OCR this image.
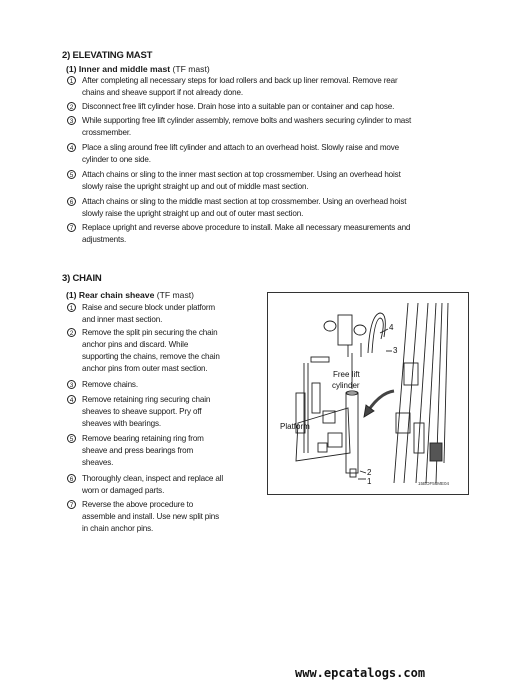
2) ELEVATING MAST
(1) Inner and middle mast (TF mast)
1	After completing all necessary steps for load rollers and back up liner removal. Remove rear
chains and sheave support if not already done.
2	Disconnect free lift cylinder hose. Drain hose into a suitable pan or container and cap hose.
3	While supporting free lift cylinder assembly, remove bolts and washers securing cylinder to mast
crossmember.
4	Place a sling around free lift cylinder and attach to an overhead hoist. Slowly raise and move
cylinder to one side.
5	Attach chains or sling to the inner mast section at top crossmember. Using an overhead hoist
slowly raise the upright straight up and out of middle mast section.
6	Attach chains or sling to the middle mast section at top crossmember. Using an overhead hoist
slowly raise the upright straight up and out of outer mast section.
7	Replace upright and reverse above procedure to install. Make all necessary measurements and
adjustments.
3) CHAIN
(1) Rear chain sheave (TF mast)
1	Raise and secure block under platform
and inner mast section.
2	Remove the split pin securing the chain
anchor pins and discard. While
supporting the chains, remove the chain
anchor pins from outer mast section.
3	Remove chains.
4	Remove retaining ring securing chain
sheaves to sheave support. Pry off
sheaves with bearings.
5	Remove bearing retaining ring from
sheave and press bearings from
sheaves.
6	Thoroughly clean, inspect and replace all
worn or damaged parts.
7	Reverse the above procedure to
assemble and install. Use new split pins
in chain anchor pins.
Free lift
cylinder
Platform
4
3
2
1	15BOF56ME04
www.epcatalogs.com
